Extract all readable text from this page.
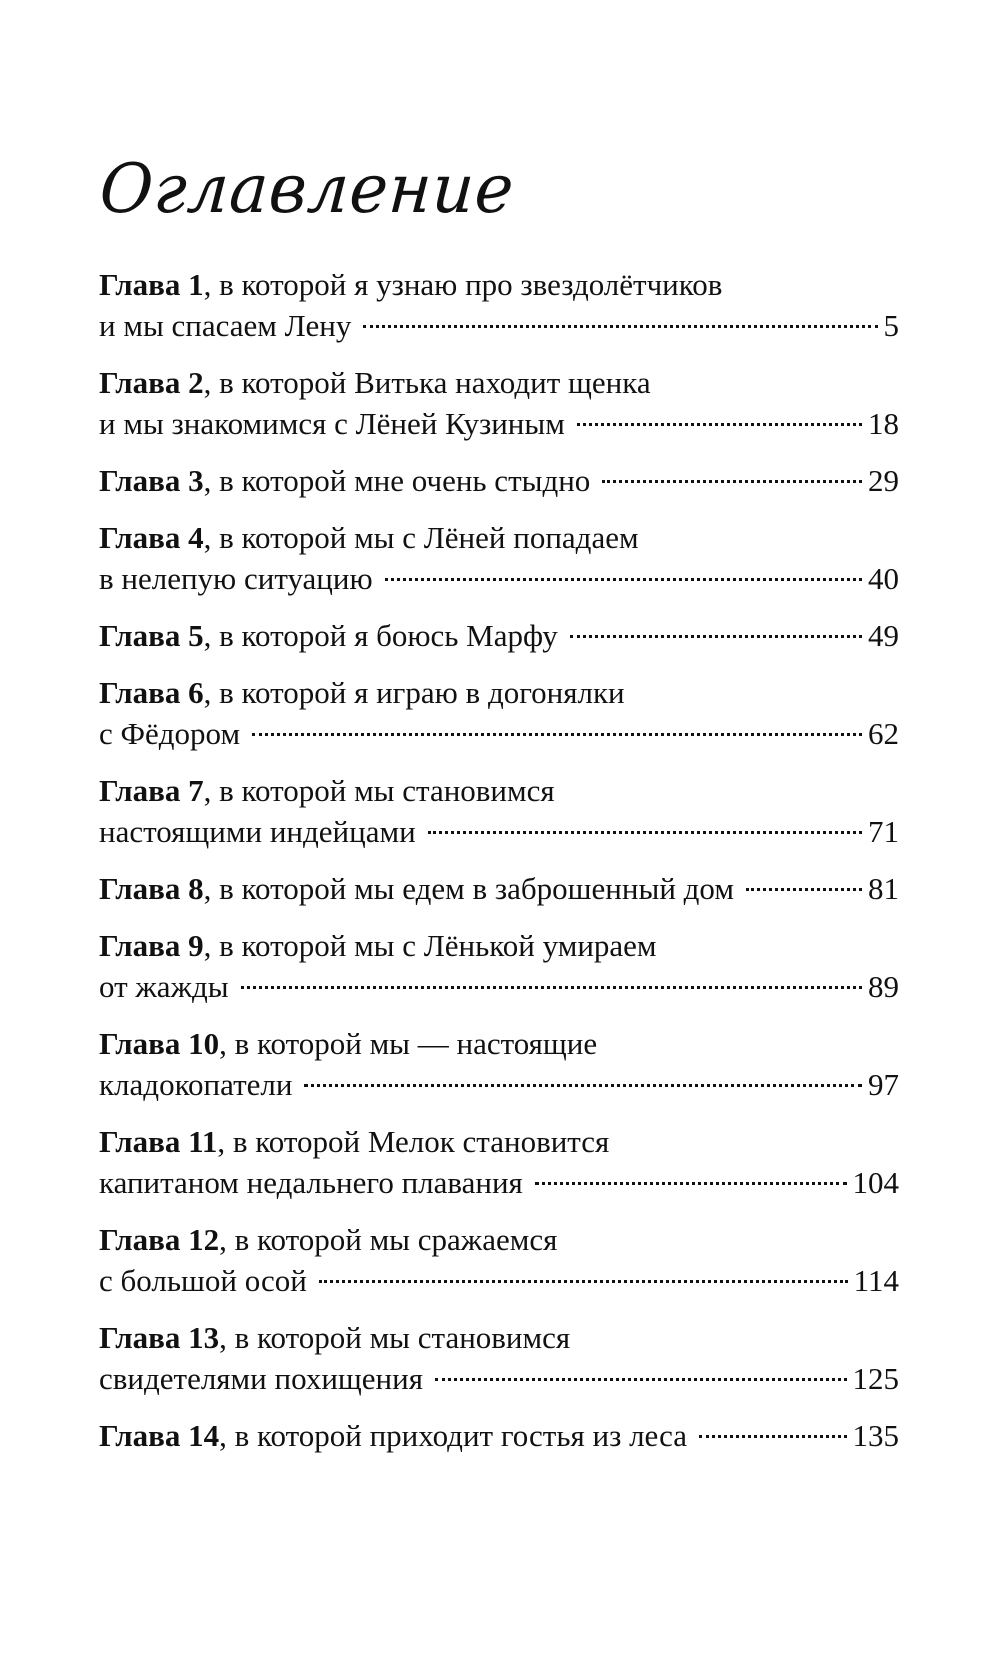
Оглавление
Глава 1 , в которой я узнаю про звездолётчиков
и мы спасаем Лену	5
Глава 2 , в которой Витька находит щенка
и мы знакомимся с Лёней Кузиным	18
Глава 3 , в которой мне очень стыдно	29
Глава 4 , в которой мы с Лёней попадаем
в нелепую ситуацию	40
Глава 5 , в которой я боюсь Марфу	49
Глава 6 , в которой я играю в догонялки
с Фёдором	62
Глава 7 , в которой мы становимся
настоящими индейцами	71
Глава 8 , в которой мы едем в заброшенный дом	81
Глава 9 , в которой мы с Лёнькой умираем
от жажды	89
Глава 10 , в которой мы — настоящие
кладокопатели	97
Глава 11 , в которой Мелок становится
капитаном недальнего плавания	104
Глава 12 , в которой мы сражаемся
с большой осой	114
Глава 13 , в которой мы становимся
свидетелями похищения	125
Глава 14 , в которой приходит гостья из леса	135
